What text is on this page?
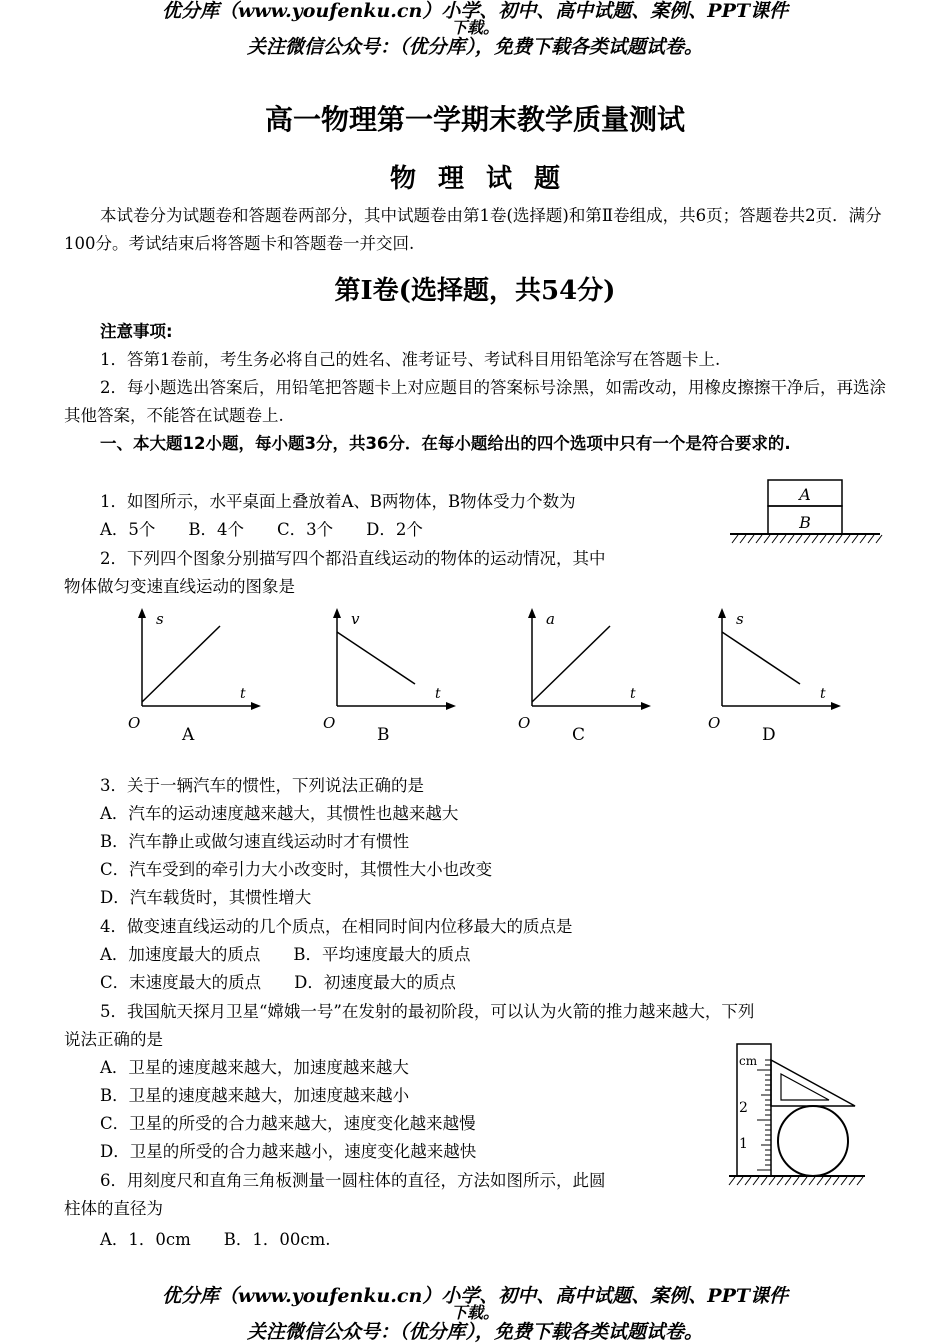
优分库（www.youfenku.cn）小学、初中、高中试题、案例、PPT课件
下载。
关注微信公众号：（优分库），免费下载各类试题试卷。
高一物理第一学期末教学质量测试
物理试题
本试卷分为试题卷和答题卷两部分，其中试题卷由第1卷(选择题)和第Ⅱ卷组成，共6页；答题卷共2页．满分100分。考试结束后将答题卡和答题卷一并交回.
第Ⅰ卷(选择题，共54分)
注意事项:
1．答第1卷前，考生务必将自己的姓名、准考证号、考试科目用铅笔涂写在答题卡上.
2．每小题选出答案后，用铅笔把答题卡上对应题目的答案标号涂黑，如需改动，用橡皮擦擦干净后，再选涂其他答案，不能答在试题卷上.
一、本大题12小题，每小题3分，共36分．在每小题给出的四个选项中只有一个是符合要求的.
1．如图所示，水平桌面上叠放着A、B两物体，B物体受力个数为
A．5个　　B．4个　　C．3个　　D．2个
A
B
2．下列四个图象分别描写四个都沿直线运动的物体的运动情况，其中
物体做匀变速直线运动的图象是
s
t
O
A
v
t
O
B
a
t
O
C
s
t
O
D
3．关于一辆汽车的惯性，下列说法正确的是
A．汽车的运动速度越来越大，其惯性也越来越大
B．汽车静止或做匀速直线运动时才有惯性
C．汽车受到的牵引力大小改变时，其惯性大小也改变
D．汽车载货时，其惯性增大
4．做变速直线运动的几个质点，在相同时间内位移最大的质点是
A．加速度最大的质点　　B．平均速度最大的质点
C．末速度最大的质点　　D．初速度最大的质点
5．我国航天探月卫星“嫦娥一号”在发射的最初阶段，可以认为火箭的推力越来越大，下列
说法正确的是
A．卫星的速度越来越大，加速度越来越大
B．卫星的速度越来越大，加速度越来越小
C．卫星的所受的合力越来越大，速度变化越来越慢
D．卫星的所受的合力越来越小，速度变化越来越快
6．用刻度尺和直角三角板测量一圆柱体的直径，方法如图所示，此圆
柱体的直径为
A．1．0cm　　B．1．00cm.
cm
2
1
优分库（www.youfenku.cn）小学、初中、高中试题、案例、PPT课件
下载。
关注微信公众号：（优分库），免费下载各类试题试卷。
